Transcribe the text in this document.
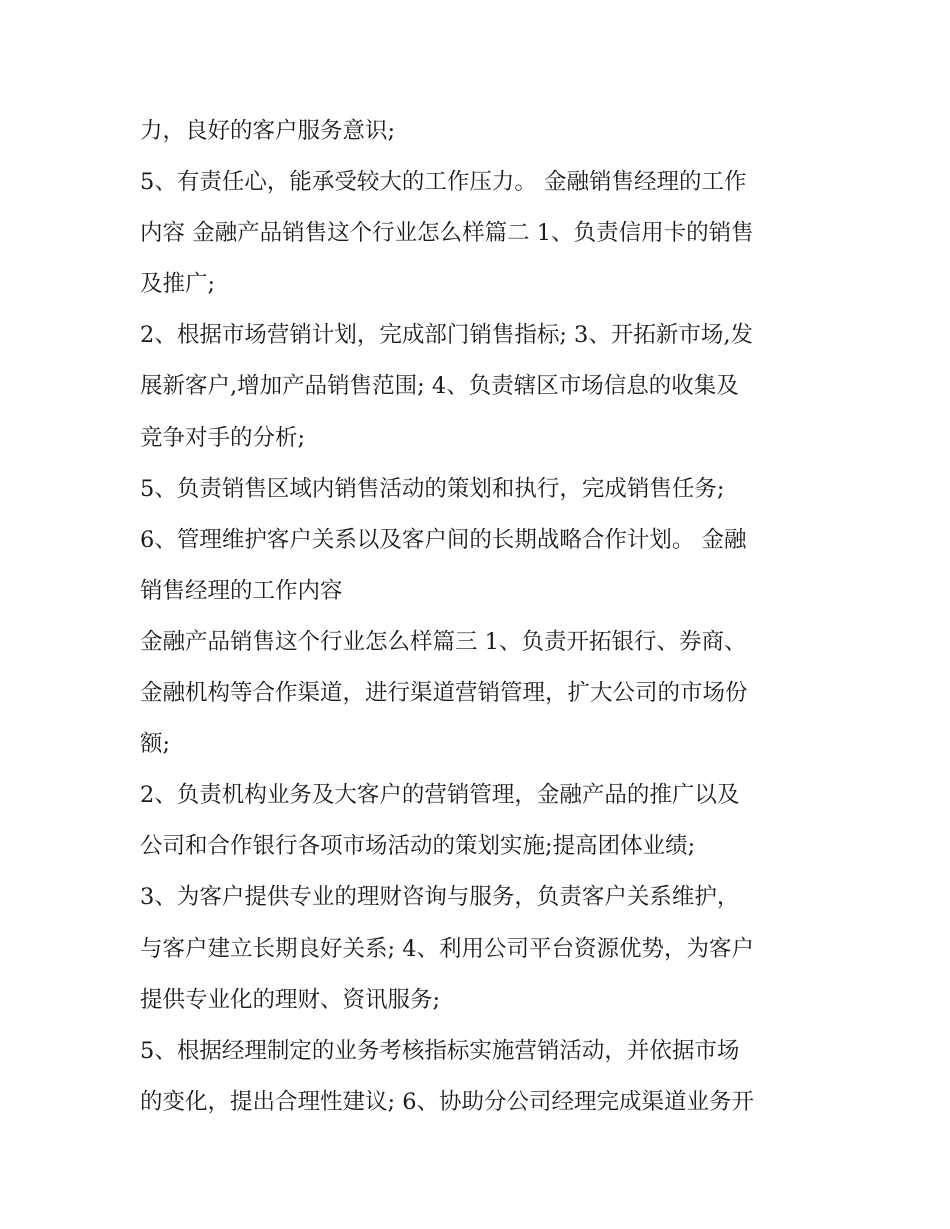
力，良好的客户服务意识;
5、有责任心，能承受较大的工作压力。 金融销售经理的工作
内容 金融产品销售这个行业怎么样篇二 1、负责信用卡的销售
及推广;
2、根据市场营销计划，完成部门销售指标; 3、开拓新市场,发
展新客户,增加产品销售范围; 4、负责辖区市场信息的收集及
竞争对手的分析;
5、负责销售区域内销售活动的策划和执行，完成销售任务;
6、管理维护客户关系以及客户间的长期战略合作计划。 金融
销售经理的工作内容
金融产品销售这个行业怎么样篇三 1、负责开拓银行、券商、
金融机构等合作渠道，进行渠道营销管理，扩大公司的市场份
额;
2、负责机构业务及大客户的营销管理，金融产品的推广以及
公司和合作银行各项市场活动的策划实施;提高团体业绩;
3、为客户提供专业的理财咨询与服务，负责客户关系维护，
与客户建立长期良好关系; 4、利用公司平台资源优势，为客户
提供专业化的理财、资讯服务;
5、根据经理制定的业务考核指标实施营销活动，并依据市场
的变化，提出合理性建议; 6、协助分公司经理完成渠道业务开
